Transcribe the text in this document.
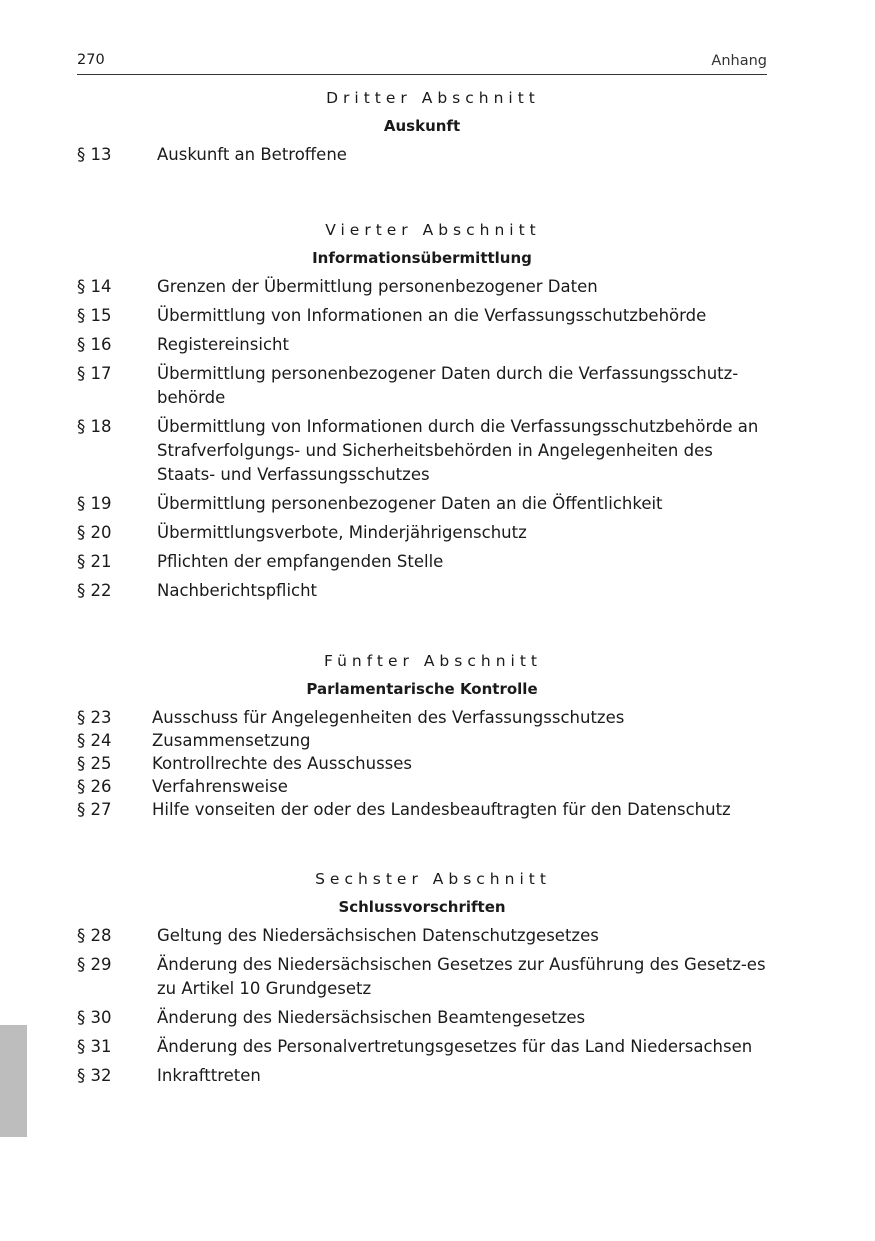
270	Anhang
Dritter Abschnitt
Auskunft
§ 13	Auskunft an Betroffene
Vierter Abschnitt
Informationsübermittlung
§ 14	Grenzen der Übermittlung personenbezogener Daten
§ 15	Übermittlung von Informationen an die Verfassungsschutzbehörde
§ 16	Registereinsicht
§ 17	Übermittlung personenbezogener Daten durch die Verfassungsschutz-behörde
§ 18	Übermittlung von Informationen durch die Verfassungsschutzbehörde an Strafverfolgungs- und Sicherheitsbehörden in Angelegenheiten des Staats- und Verfassungsschutzes
§ 19	Übermittlung personenbezogener Daten an die Öffentlichkeit
§ 20	Übermittlungsverbote, Minderjährigenschutz
§ 21	Pflichten der empfangenden Stelle
§ 22	Nachberichtspflicht
Fünfter Abschnitt
Parlamentarische Kontrolle
§ 23 Ausschuss für Angelegenheiten des Verfassungsschutzes
§ 24 Zusammensetzung
§ 25 Kontrollrechte des Ausschusses
§ 26 Verfahrensweise
§ 27 Hilfe vonseiten der oder des Landesbeauftragten für den Datenschutz
Sechster Abschnitt
Schlussvorschriften
§ 28	Geltung des Niedersächsischen Datenschutzgesetzes
§ 29	Änderung des Niedersächsischen Gesetzes zur Ausführung des Gesetz-es zu Artikel 10 Grundgesetz
§ 30	Änderung des Niedersächsischen Beamtengesetzes
§ 31	Änderung des Personalvertretungsgesetzes für das Land Niedersachsen
§ 32	Inkrafttreten
